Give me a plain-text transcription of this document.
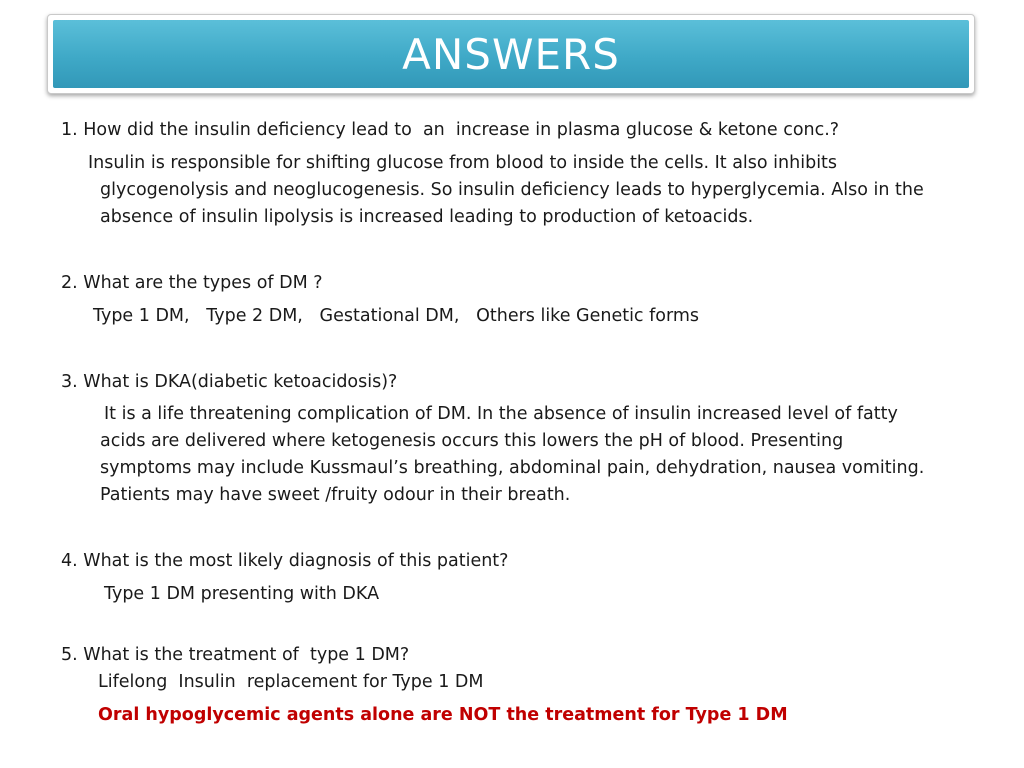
ANSWERS
1. How did the insulin deficiency lead to  an  increase in plasma glucose & ketone conc.?
Insulin is responsible for shifting glucose from blood to inside the cells. It also inhibits
glycogenolysis and neoglucogenesis. So insulin deficiency leads to hyperglycemia. Also in the
absence of insulin lipolysis is increased leading to production of ketoacids.
2. What are the types of DM ?
Type 1 DM,   Type 2 DM,   Gestational DM,   Others like Genetic forms
3. What is DKA(diabetic ketoacidosis)?
It is a life threatening complication of DM. In the absence of insulin increased level of fatty
acids are delivered where ketogenesis occurs this lowers the pH of blood. Presenting
symptoms may include Kussmaul’s breathing, abdominal pain, dehydration, nausea vomiting.
Patients may have sweet /fruity odour in their breath.
4. What is the most likely diagnosis of this patient?
Type 1 DM presenting with DKA
5. What is the treatment of  type 1 DM?
Lifelong  Insulin  replacement for Type 1 DM
Oral hypoglycemic agents alone are NOT the treatment for Type 1 DM
